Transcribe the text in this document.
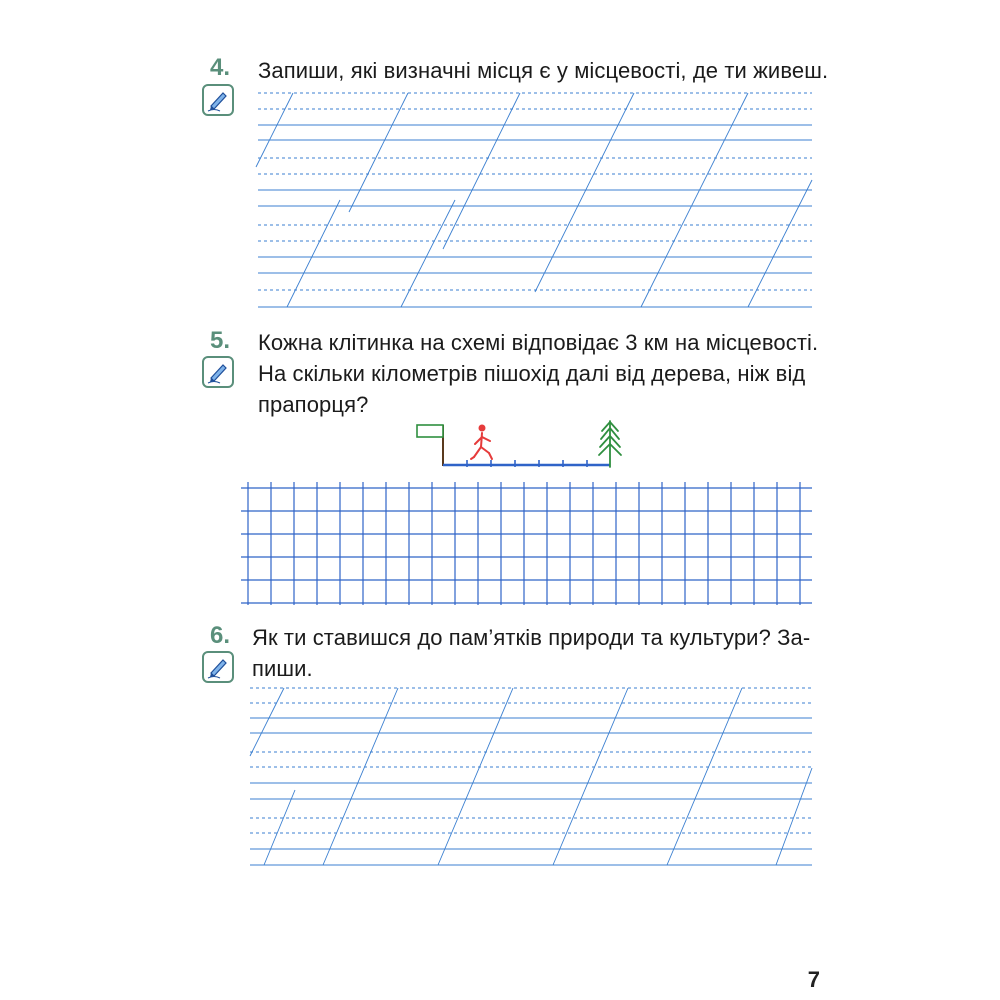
4. Запиши, які визначні місця є у місцевості, де ти живеш.
5. Кожна клітинка на схемі відповідає 3 км на місцевості.
На скільки кілометрів пішохід далі від дерева, ніж від
прапорця?
6. Як ти ставишся до пам’ятків природи та культури? За-
пиши.
7
